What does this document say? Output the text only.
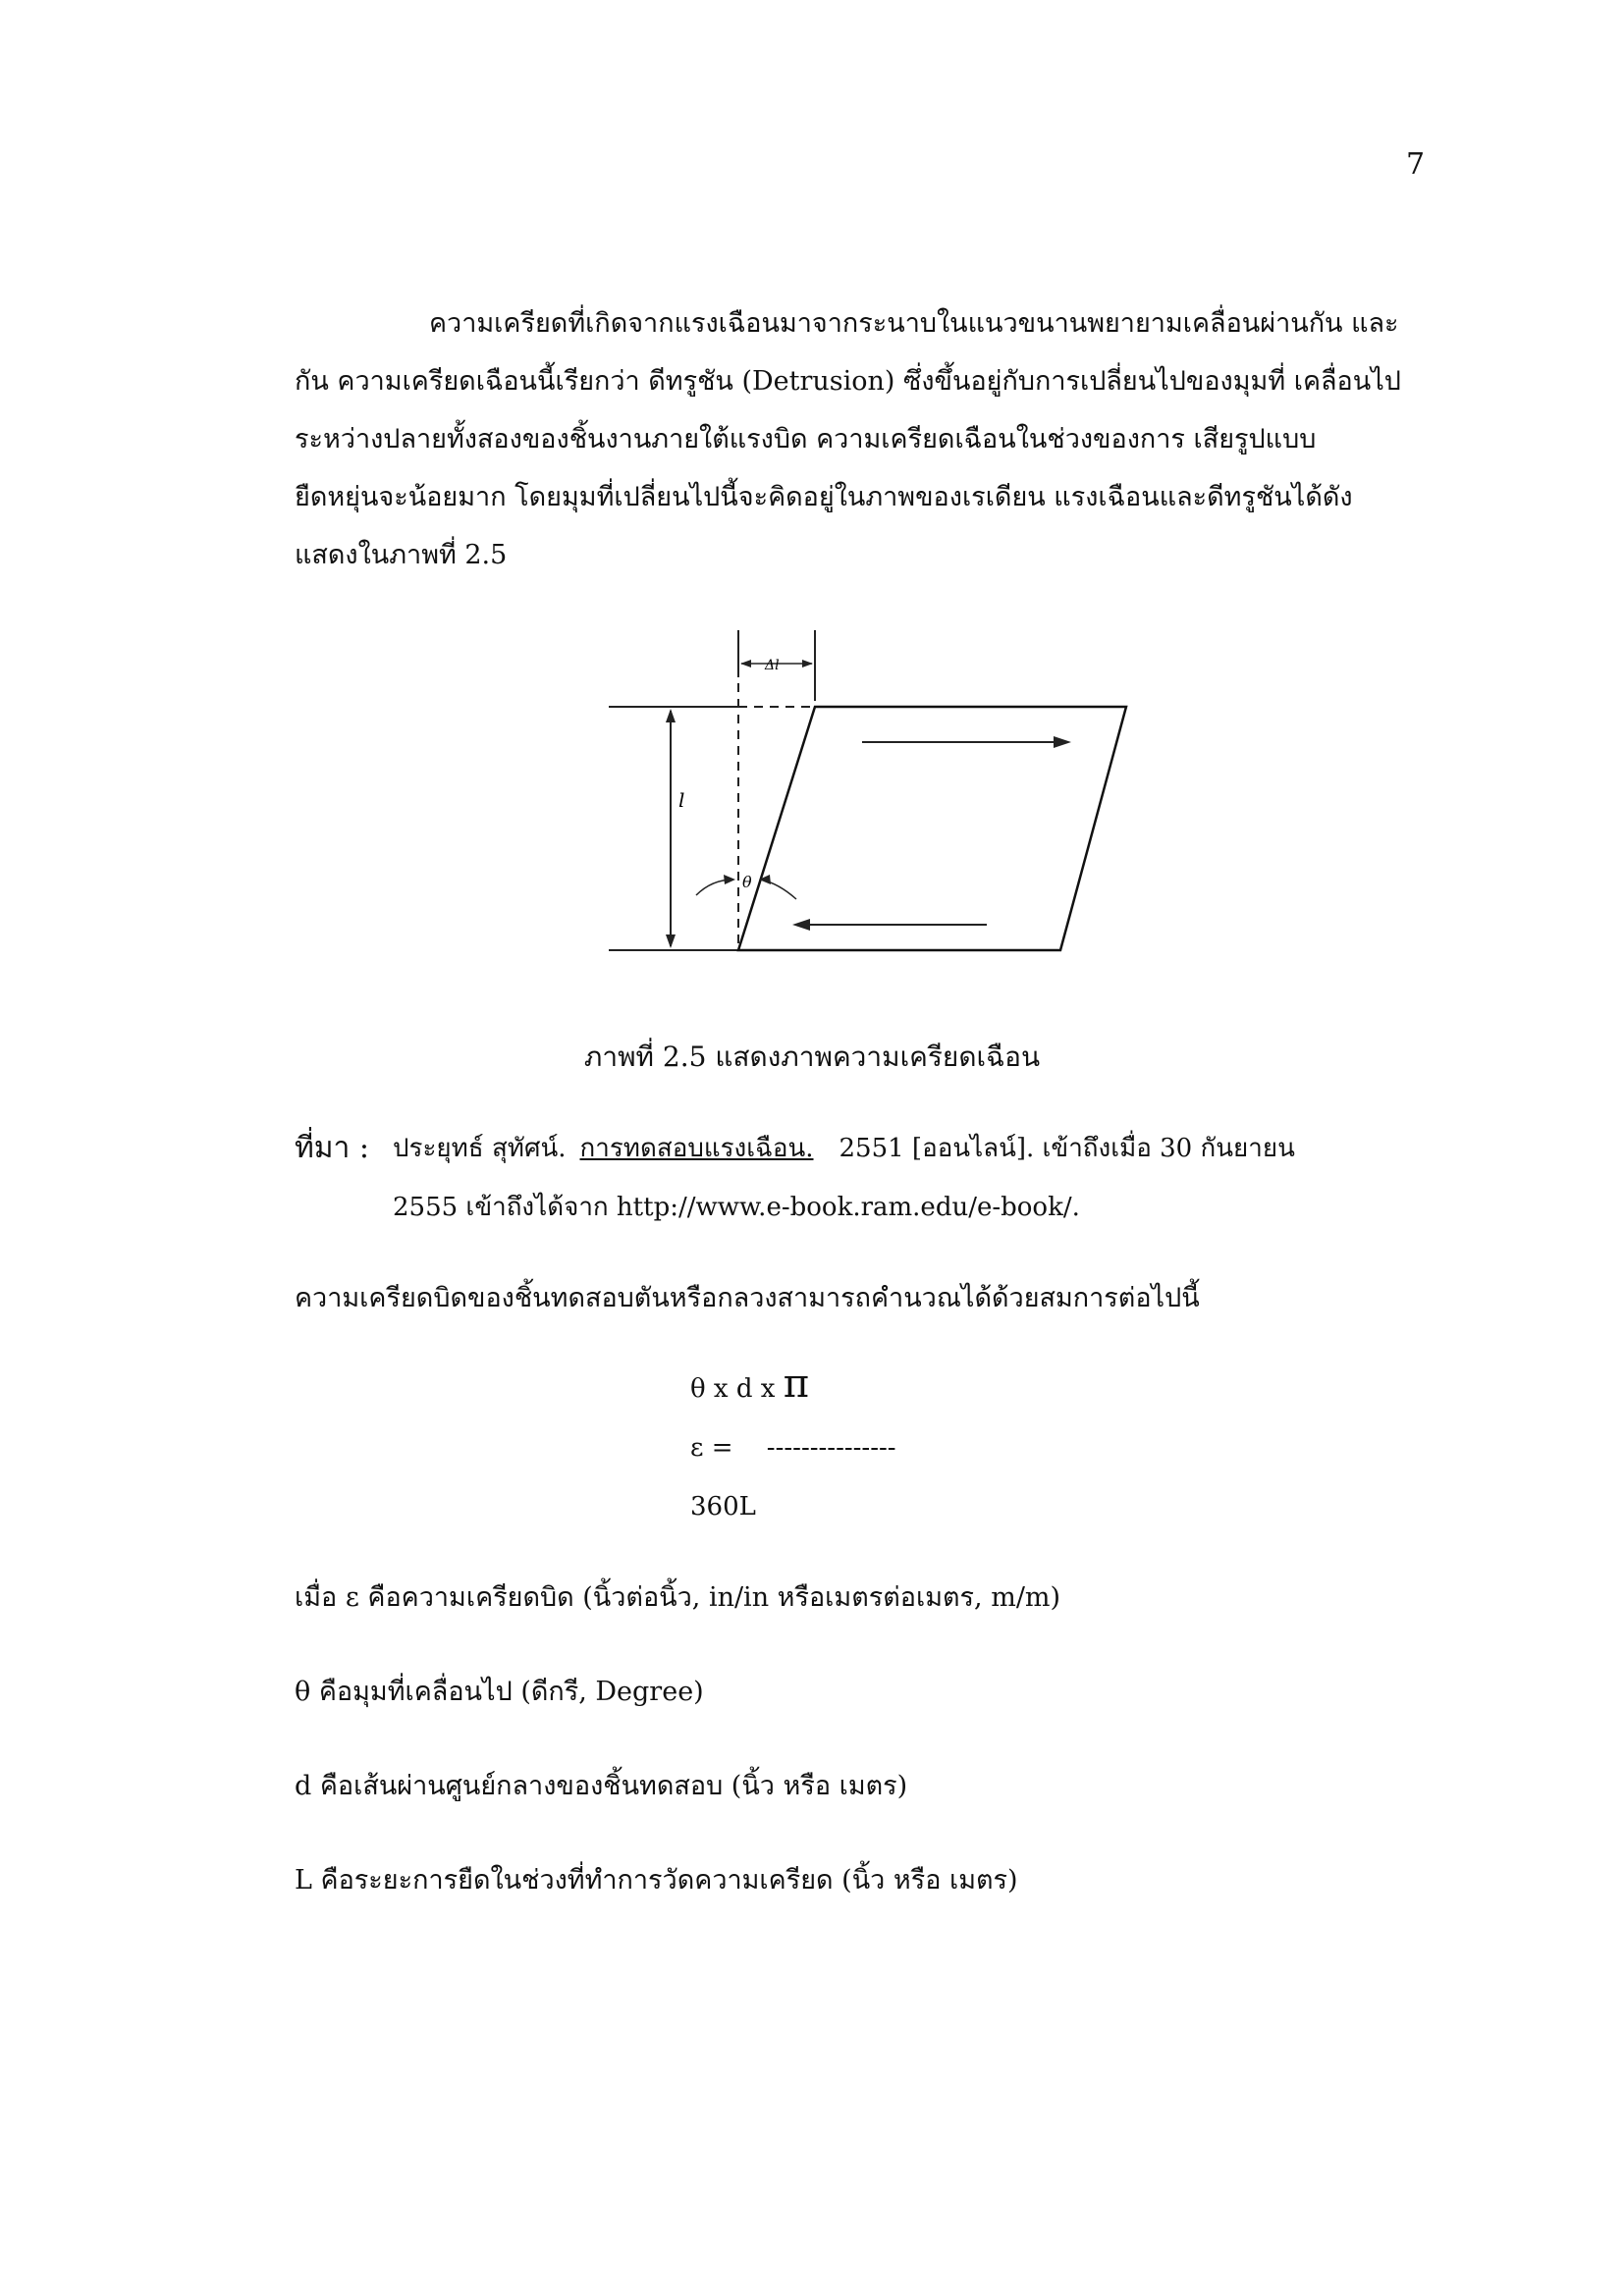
7
ความเครียดที่เกิดจากแรงเฉือนมาจากระนาบในแนวขนานพยายามเคลื่อนผ่านกัน และ
กัน ความเครียดเฉือนนี้เรียกว่า ดีทรูชัน (Detrusion) ซึ่งขึ้นอยู่กับการเปลี่ยนไปของมุมที่ เคลื่อนไป
ระหว่างปลายทั้งสองของชิ้นงานภายใต้แรงบิด ความเครียดเฉือนในช่วงของการ เสียรูปแบบ
ยืดหยุ่นจะน้อยมาก โดยมุมที่เปลี่ยนไปนี้จะคิดอยู่ในภาพของเรเดียน แรงเฉือนและดีทรูชันได้ดัง
แสดงในภาพที่ 2.5
l
Δl
θ
ภาพที่ 2.5 แสดงภาพความเครียดเฉือน
ที่มา : ประยุทธ์ สุทัศน์. การทดสอบแรงเฉือน. 2551 [ออนไลน์]. เข้าถึงเมื่อ 30 กันยายน
2555 เข้าถึงได้จาก http://www.e-book.ram.edu/e-book/.
ความเครียดบิดของชิ้นทดสอบตันหรือกลวงสามารถคำนวณได้ด้วยสมการต่อไปนี้
θ x d x π
ε = ---------------
360L
เมื่อ ε คือความเครียดบิด (นิ้วต่อนิ้ว, in/in หรือเมตรต่อเมตร, m/m)
θ คือมุมที่เคลื่อนไป (ดีกรี, Degree)
d คือเส้นผ่านศูนย์กลางของชิ้นทดสอบ (นิ้ว หรือ เมตร)
L คือระยะการยืดในช่วงที่ทำการวัดความเครียด (นิ้ว หรือ เมตร)
